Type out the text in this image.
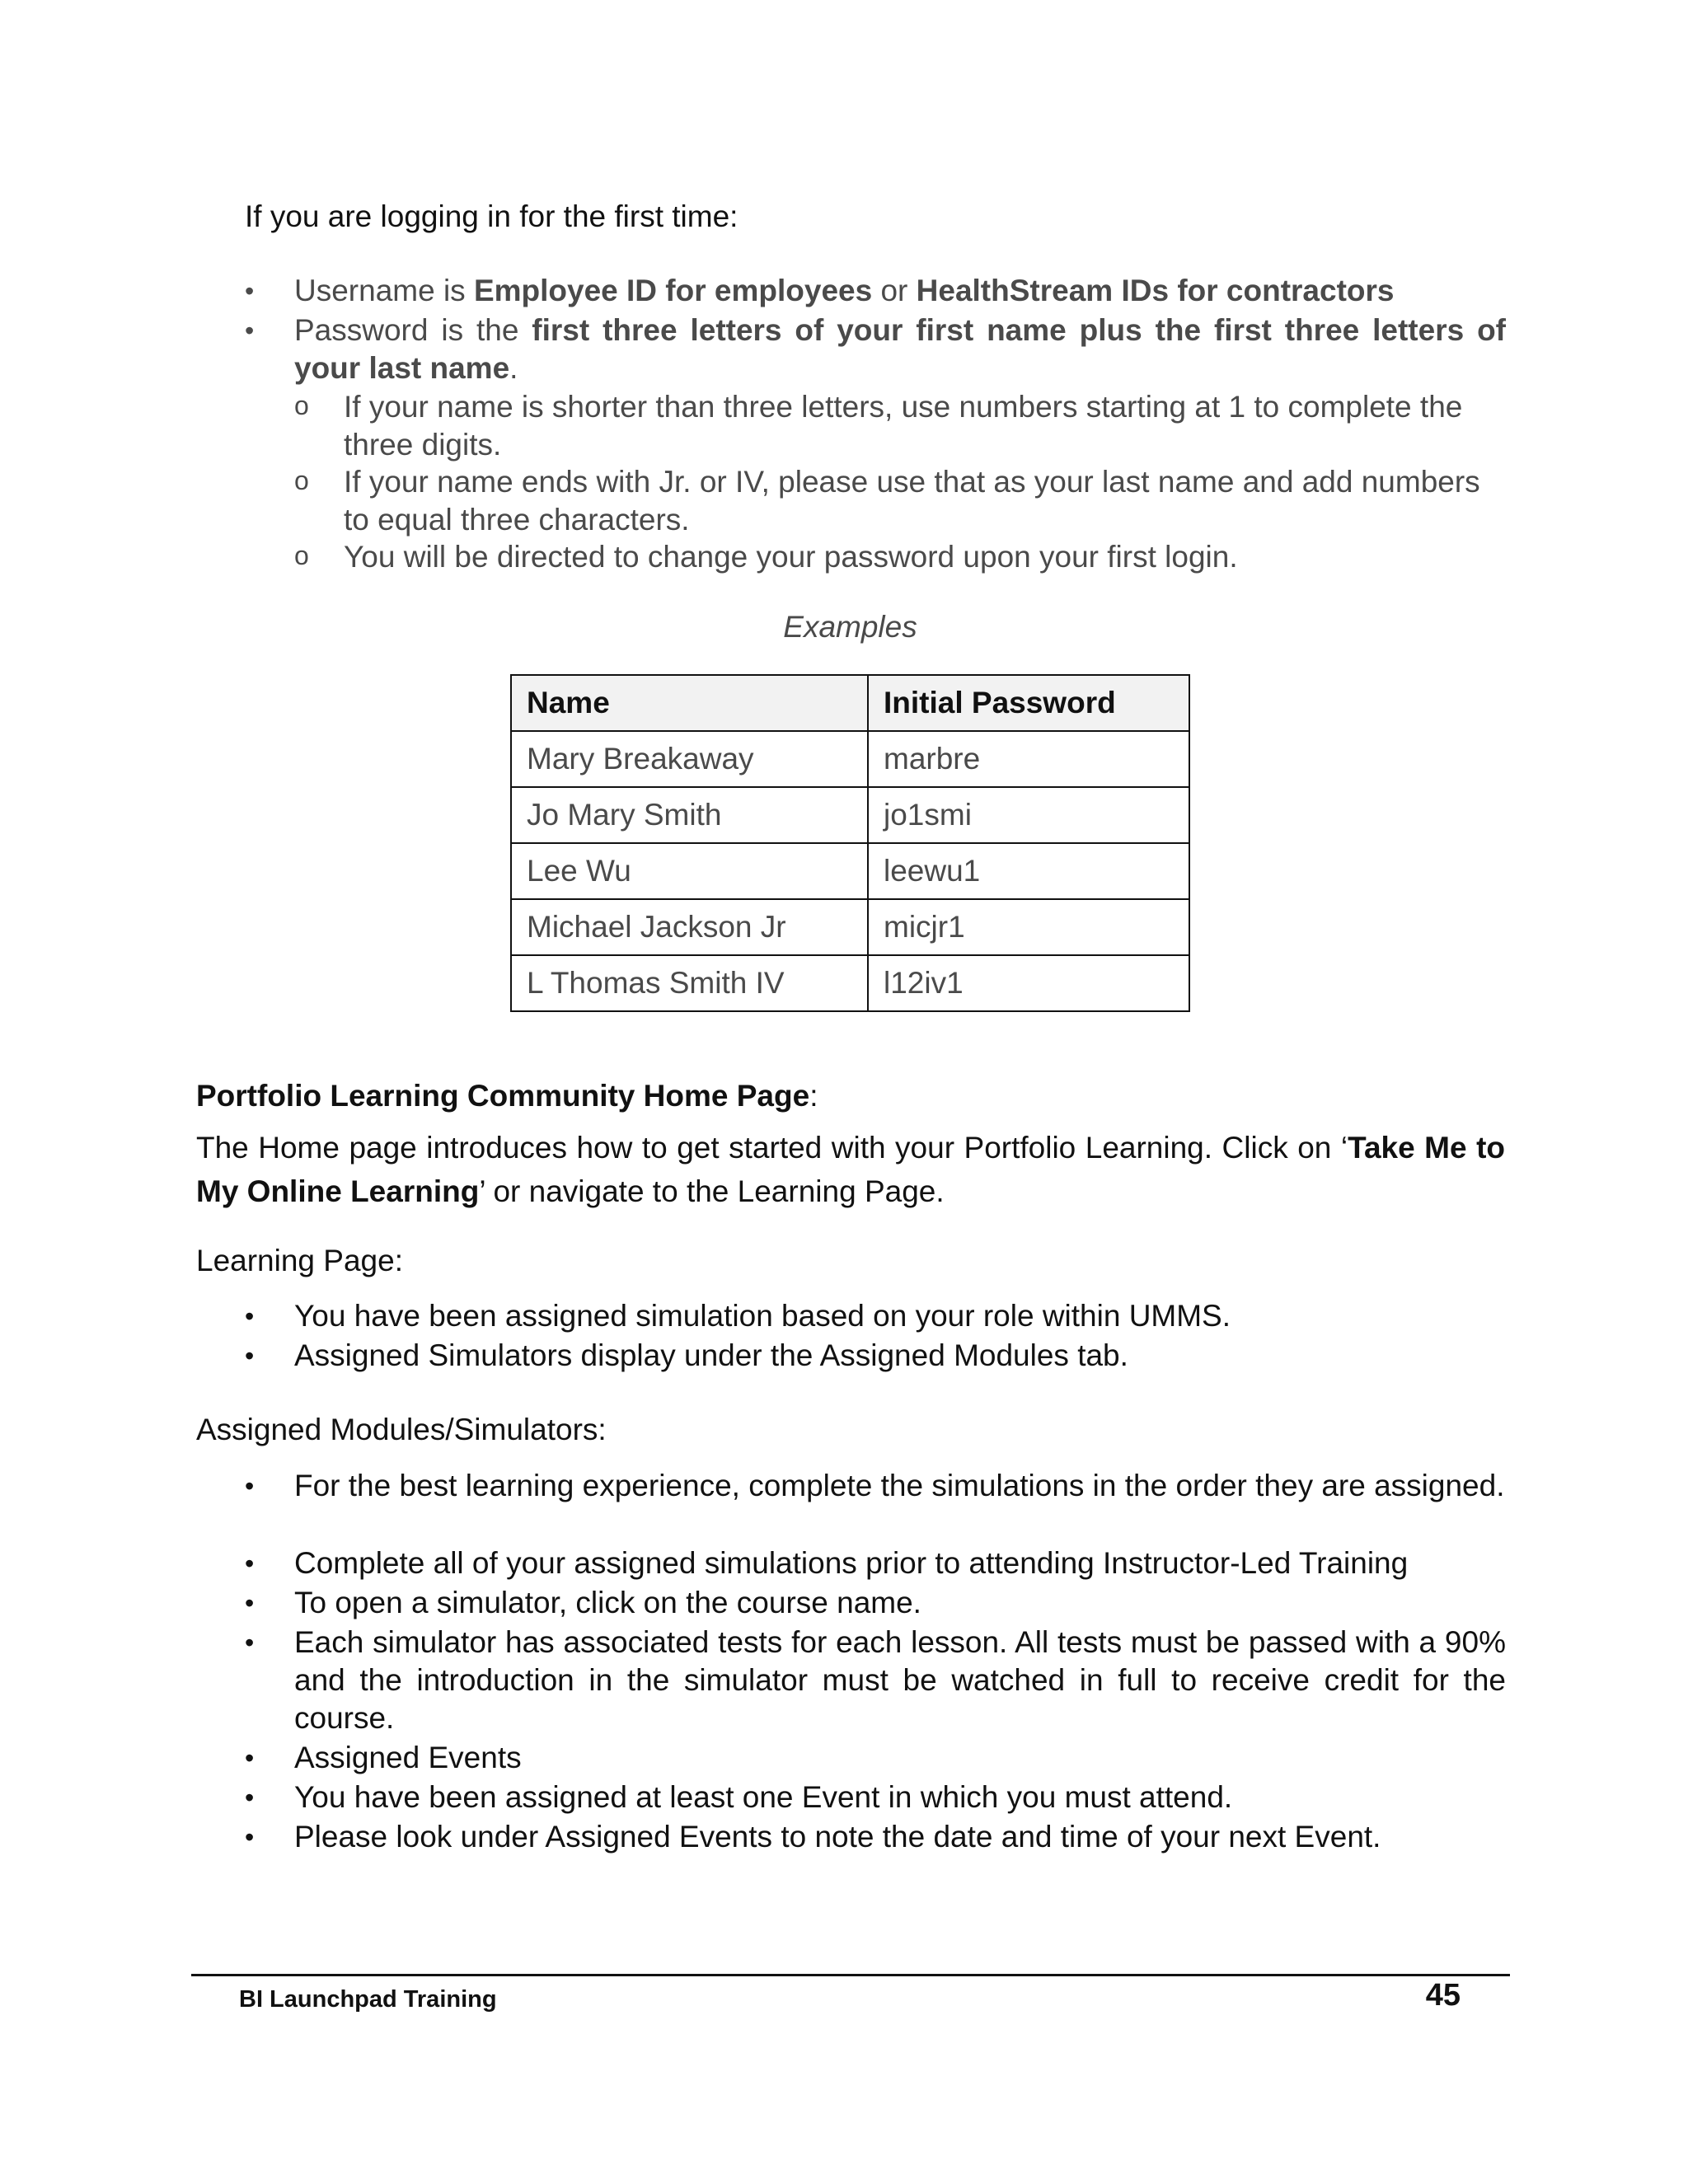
If you are logging in for the first time:
• Username is Employee ID for employees or HealthStream IDs for contractors
• Password is the first three letters of your first name plus the first three letters of your last name.
o If your name is shorter than three letters, use numbers starting at 1 to complete the three digits.
o If your name ends with Jr. or IV, please use that as your last name and add numbers to equal three characters.
o You will be directed to change your password upon your first login.
Examples
Name	Initial Password
Mary Breakaway	marbre
Jo Mary Smith	jo1smi
Lee Wu	leewu1
Michael Jackson Jr	micjr1
L Thomas Smith IV	l12iv1
Portfolio Learning Community Home Page:
The Home page introduces how to get started with your Portfolio Learning. Click on ‘Take Me to My Online Learning’ or navigate to the Learning Page.
Learning Page:
• You have been assigned simulation based on your role within UMMS.
• Assigned Simulators display under the Assigned Modules tab.
Assigned Modules/Simulators:
• For the best learning experience, complete the simulations in the order they are assigned.
• Complete all of your assigned simulations prior to attending Instructor-Led Training
• To open a simulator, click on the course name.
• Each simulator has associated tests for each lesson. All tests must be passed with a 90% and the introduction in the simulator must be watched in full to receive credit for the course.
• Assigned Events
• You have been assigned at least one Event in which you must attend.
• Please look under Assigned Events to note the date and time of your next Event.
BI Launchpad Training	45
